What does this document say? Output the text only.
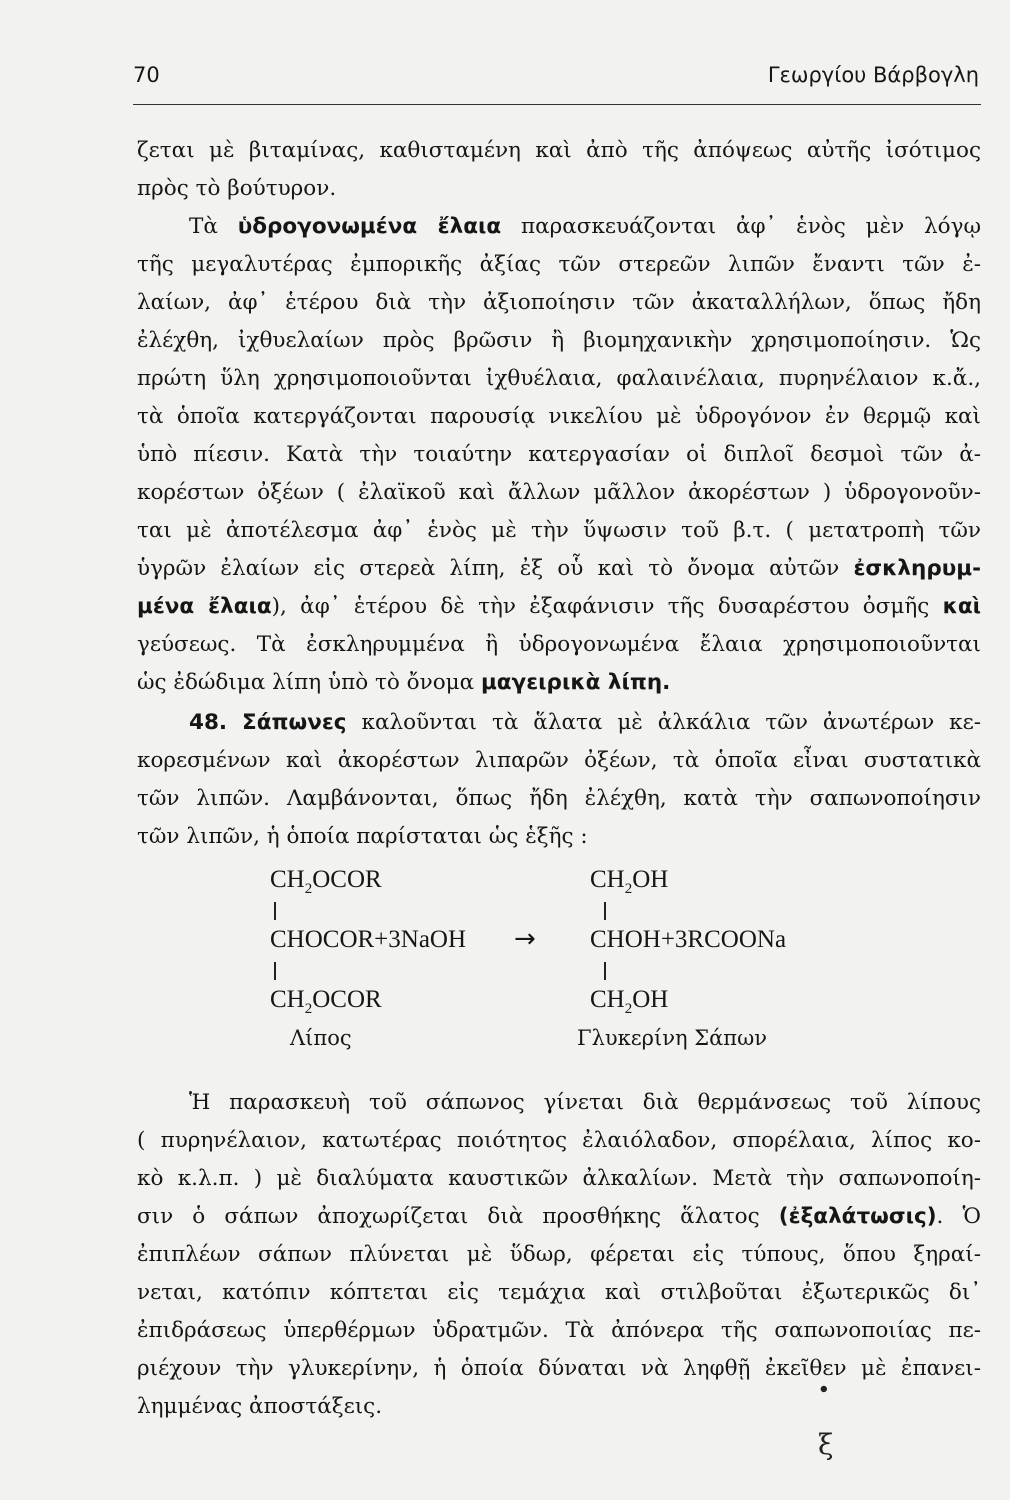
70	Γεωργίου Βάρβογλη
ζεται μὲ βιταμίνας, καθισταμένη καὶ ἀπὸ τῆς ἀπόψεως αὐτῆς ἰσότιμος
πρὸς τὸ βούτυρον.
Τὰ ὑδρογονωμένα ἔλαια παρασκευάζονται ἀφ᾿ ἑνὸς μὲν λόγῳ
τῆς μεγαλυτέρας ἐμπορικῆς ἀξίας τῶν στερεῶν λιπῶν ἔναντι τῶν ἐ-
λαίων, ἀφ᾿ ἑτέρου διὰ τὴν ἀξιοποίησιν τῶν ἀκαταλλήλων, ὅπως ἤδη
ἐλέχθη, ἰχθυελαίων πρὸς βρῶσιν ἢ βιομηχανικὴν χρησιμοποίησιν. Ὡς
πρώτη ὕλη χρησιμοποιοῦνται ἰχθυέλαια, φαλαινέλαια, πυρηνέλαιον κ.ἄ.,
τὰ ὁποῖα κατεργάζονται παρουσίᾳ νικελίου μὲ ὑδρογόνον ἐν θερμῷ καὶ
ὑπὸ πίεσιν. Κατὰ τὴν τοιαύτην κατεργασίαν οἱ διπλοῖ δεσμοὶ τῶν ἀ-
κορέστων ὀξέων ( ἐλαϊκοῦ καὶ ἄλλων μᾶλλον ἀκορέστων ) ὑδρογονοῦν-
ται μὲ ἀποτέλεσμα ἀφ᾿ ἑνὸς μὲ τὴν ὕψωσιν τοῦ β.τ. ( μετατροπὴ τῶν
ὑγρῶν ἐλαίων εἰς στερεὰ λίπη, ἐξ οὗ καὶ τὸ ὄνομα αὐτῶν ἐσκληρυμ-
μένα ἔλαια), ἀφ᾿ ἑτέρου δὲ τὴν ἐξαφάνισιν τῆς δυσαρέστου ὀσμῆς καὶ
γεύσεως. Τὰ ἐσκληρυμμένα ἢ ὑδρογονωμένα ἔλαια χρησιμοποιοῦνται
ὡς ἐδώδιμα λίπη ὑπὸ τὸ ὄνομα μαγειρικὰ λίπη.
48. Σάπωνες καλοῦνται τὰ ἅλατα μὲ ἀλκάλια τῶν ἀνωτέρων κε-
κορεσμένων καὶ ἀκορέστων λιπαρῶν ὀξέων, τὰ ὁποῖα εἶναι συστατικὰ
τῶν λιπῶν. Λαμβάνονται, ὅπως ἤδη ἐλέχθη, κατὰ τὴν σαπωνοποίησιν
τῶν λιπῶν, ἡ ὁποία παρίσταται ὡς ἑξῆς :
$CH_2OCOR$
CHOCOR+3NaOH
$CH_2OCOR$
Λίπος
→
$CH_2OH$
CHOH+3RCOONa
$CH_2OH$
Γλυκερίνη Σάπων
Ἡ παρασκευὴ τοῦ σάπωνος γίνεται διὰ θερμάνσεως τοῦ λίπους
( πυρηνέλαιον, κατωτέρας ποιότητος ἐλαιόλαδον, σπορέλαια, λίπος κο-
κὸ κ.λ.π. ) μὲ διαλύματα καυστικῶν ἀλκαλίων. Μετὰ τὴν σαπωνοποίη-
σιν ὁ σάπων ἀποχωρίζεται διὰ προσθήκης ἅλατος (ἐξαλάτωσις). Ὁ
ἐπιπλέων σάπων πλύνεται μὲ ὕδωρ, φέρεται εἰς τύπους, ὅπου ξηραί-
νεται, κατόπιν κόπτεται εἰς τεμάχια καὶ στιλβοῦται ἐξωτερικῶς δι᾿
ἐπιδράσεως ὑπερθέρμων ὑδρατμῶν. Τὰ ἀπόνερα τῆς σαπωνοποιίας πε-
ριέχουν τὴν γλυκερίνην, ἡ ὁποία δύναται νὰ ληφθῇ ἐκεῖθεν μὲ ἐπανει-
λημμένας ἀποστάξεις.
•
ξ
